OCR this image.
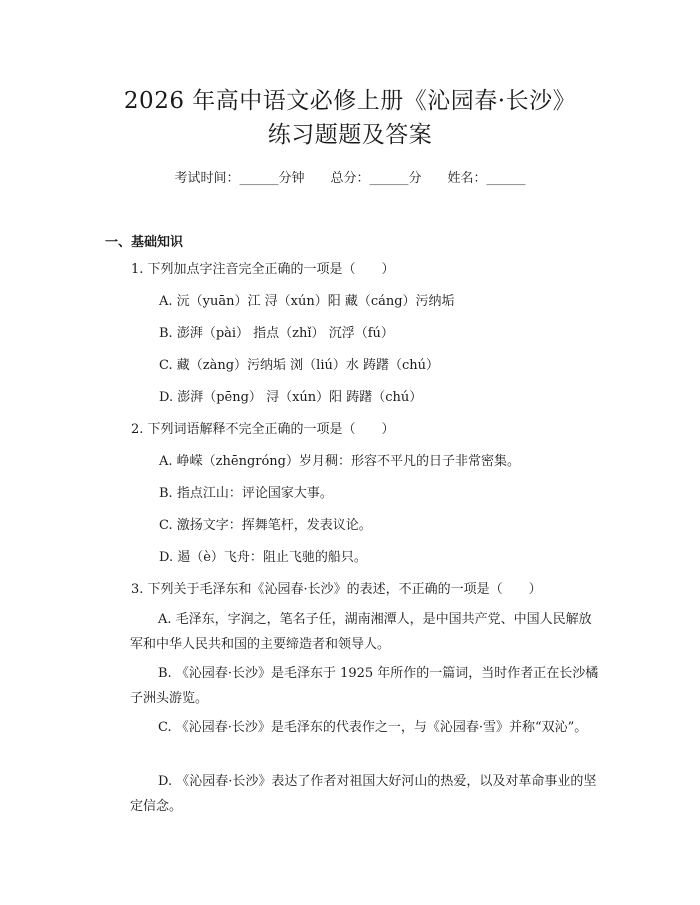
2026 年高中语文必修上册《沁园春·长沙》
练习题题及答案
考试时间：______分钟 总分：______分 姓名：______
一、基础知识
1. 下列加点字注音完全正确的一项是（　　）
A. 沅（yuān）江 浔（xún）阳 藏（cáng）污纳垢
B. 澎湃（pài） 指点（zhǐ） 沉浮（fú）
C. 藏（zàng）污纳垢 浏（liú）水 踌躇（chú）
D. 澎湃（pēng） 浔（xún）阳 踌躇（chú）
2. 下列词语解释不完全正确的一项是（　　）
A. 峥嵘（zhēngróng）岁月稠：形容不平凡的日子非常密集。
B. 指点江山：评论国家大事。
C. 激扬文字：挥舞笔杆，发表议论。
D. 遏（è）飞舟：阻止飞驰的船只。
3. 下列关于毛泽东和《沁园春·长沙》的表述，不正确的一项是（　　）
A. 毛泽东，字润之，笔名子任，湖南湘潭人，是中国共产党、中国人民解放军和中华人民共和国的主要缔造者和领导人。
B. 《沁园春·长沙》是毛泽东于 1925 年所作的一篇词，当时作者正在长沙橘子洲头游览。
C. 《沁园春·长沙》是毛泽东的代表作之一，与《沁园春·雪》并称“双沁”。
D. 《沁园春·长沙》表达了作者对祖国大好河山的热爱，以及对革命事业的坚定信念。
